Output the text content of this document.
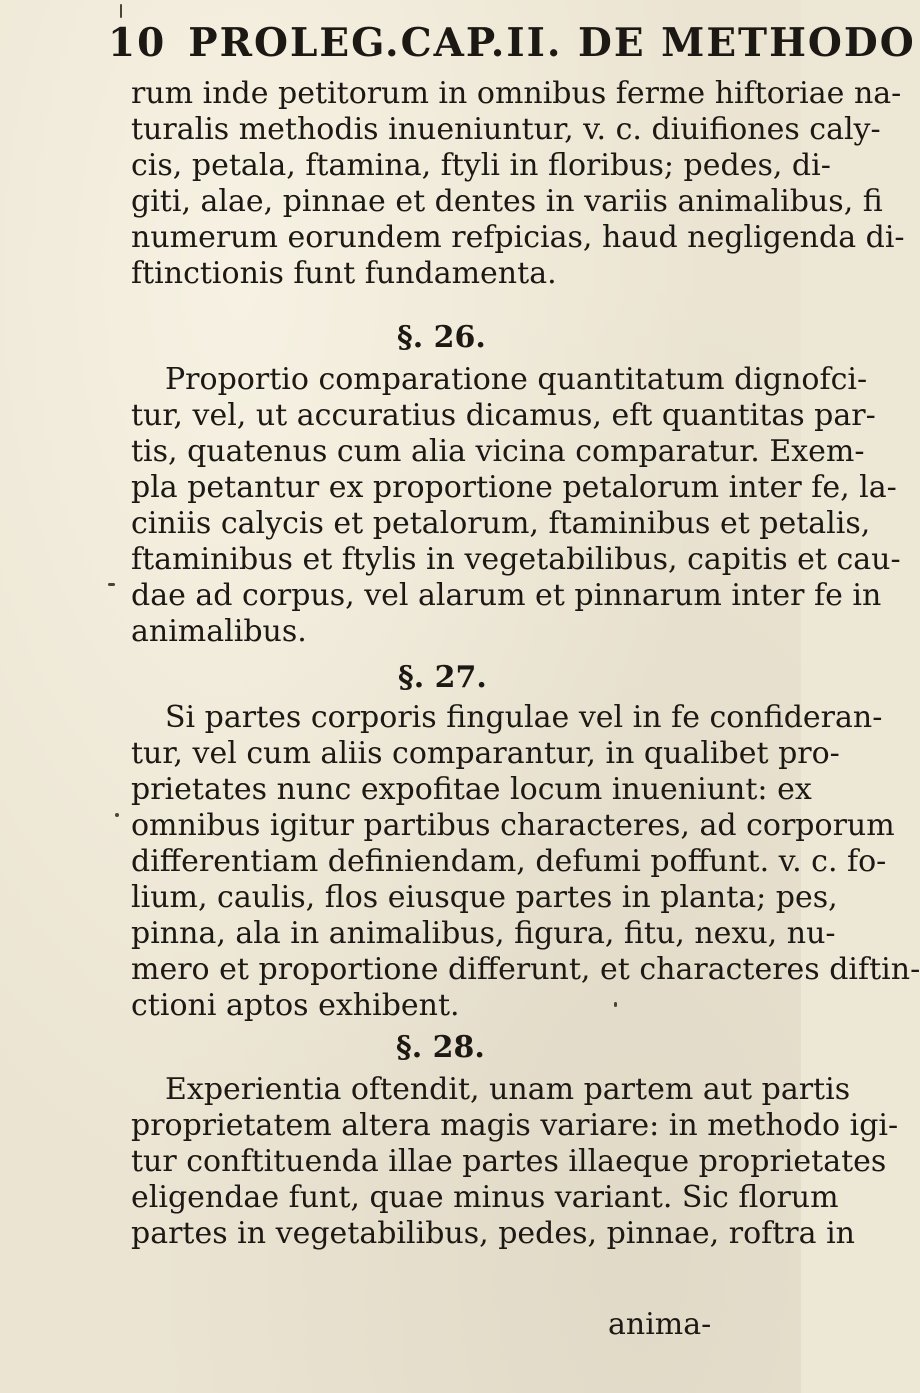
10 PROLEG.CAP.II. DE METHODO
rum inde petitorum in omnibus ferme hiftoriae na-
turalis methodis inueniuntur, v. c. diuifiones caly-
cis, petala, ftamina, ftyli in floribus; pedes, di-
giti, alae, pinnae et dentes in variis animalibus, fi
numerum eorundem refpicias, haud negligenda di-
ftinctionis funt fundamenta.
§. 26.
Proportio comparatione quantitatum dignofci-
tur, vel, ut accuratius dicamus, eft quantitas par-
tis, quatenus cum alia vicina comparatur. Exem-
pla petantur ex proportione petalorum inter fe, la-
ciniis calycis et petalorum, ftaminibus et petalis,
ftaminibus et ftylis in vegetabilibus, capitis et cau-
dae ad corpus, vel alarum et pinnarum inter fe in
animalibus.
§. 27.
Si partes corporis fingulae vel in fe confideran-
tur, vel cum aliis comparantur, in qualibet pro-
prietates nunc expofitae locum inueniunt: ex
omnibus igitur partibus characteres, ad corporum
differentiam definiendam, defumi poffunt. v. c. fo-
lium, caulis, flos eiusque partes in planta; pes,
pinna, ala in animalibus, figura, fitu, nexu, nu-
mero et proportione differunt, et characteres diftin-
ctioni aptos exhibent.
§. 28.
Experientia oftendit, unam partem aut partis
proprietatem altera magis variare: in methodo igi-
tur conftituenda illae partes illaeque proprietates
eligendae funt, quae minus variant. Sic florum
partes in vegetabilibus, pedes, pinnae, roftra in
anima-
